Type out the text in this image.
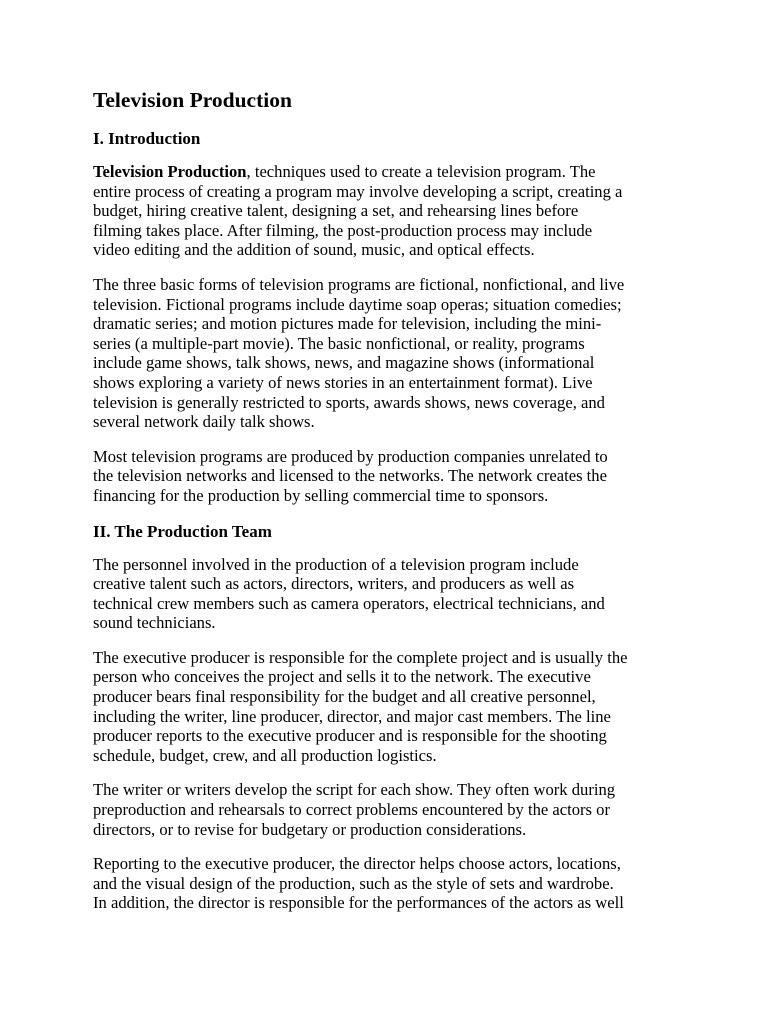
Television Production
I. Introduction

Television Production, techniques used to create a television program. The
entire process of creating a program may involve developing a script, creating a
budget, hiring creative talent, designing a set, and rehearsing lines before
filming takes place. After filming, the post-production process may include
video editing and the addition of sound, music, and optical effects.

The three basic forms of television programs are fictional, nonfictional, and live
television. Fictional programs include daytime soap operas; situation comedies;
dramatic series; and motion pictures made for television, including the mini-
series (a multiple-part movie). The basic nonfictional, or reality, programs
include game shows, talk shows, news, and magazine shows (informational
shows exploring a variety of news stories in an entertainment format). Live
television is generally restricted to sports, awards shows, news coverage, and
several network daily talk shows.

Most television programs are produced by production companies unrelated to
the television networks and licensed to the networks. The network creates the
financing for the production by selling commercial time to sponsors.

II. The Production Team

The personnel involved in the production of a television program include
creative talent such as actors, directors, writers, and producers as well as
technical crew members such as camera operators, electrical technicians, and
sound technicians.

The executive producer is responsible for the complete project and is usually the
person who conceives the project and sells it to the network. The executive
producer bears final responsibility for the budget and all creative personnel,
including the writer, line producer, director, and major cast members. The line
producer reports to the executive producer and is responsible for the shooting
schedule, budget, crew, and all production logistics.

The writer or writers develop the script for each show. They often work during
preproduction and rehearsals to correct problems encountered by the actors or
directors, or to revise for budgetary or production considerations.

Reporting to the executive producer, the director helps choose actors, locations,
and the visual design of the production, such as the style of sets and wardrobe.
In addition, the director is responsible for the performances of the actors as well
